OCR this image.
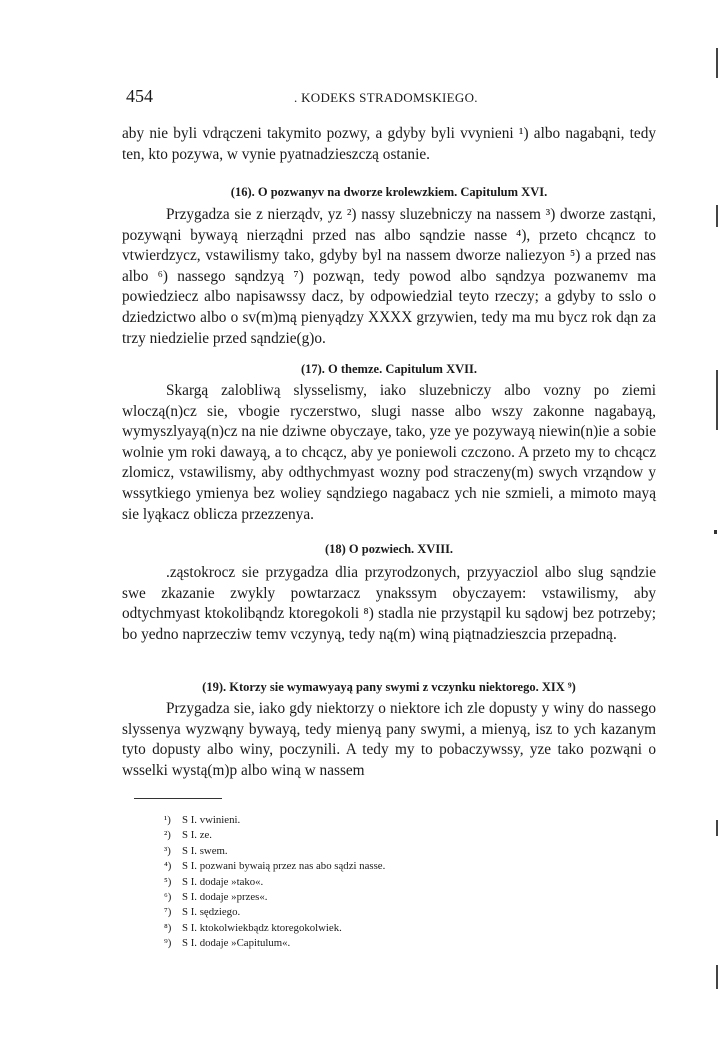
454	. KODEKS STRADOMSKIEGO.

aby nie byli vdrączeni takymito pozwy, a gdyby byli vvynieni ¹) albo nagabąni, tedy ten, kto pozywa, w vynie pyatnadzieszczą ostanie.

(16). O pozwanyv na dworze krolewzkiem. Capitulum XVI.

Przygadza sie z nierządv, yz ²) nassy sluzebniczy na nassem ³) dworze zastąni, pozywąni bywayą nierządni przed nas albo sąndzie nasse ⁴), przeto chcąncz to vtwierdzycz, vstawilismy tako, gdyby byl na nassem dworze naliezyon ⁵) a przed nas albo ⁶) nassego sąndzyą ⁷) pozwąn, tedy powod albo sąndzya pozwanemv ma powiedziecz albo napisawssy dacz, by odpowiedzial teyto rzeczy; a gdyby to sslo o dziedzictwo albo o sv(m)mą pienyądzy XXXX grzywien, tedy ma mu bycz rok dąn za trzy niedzielie przed sąndzie(g)o.

(17). O themze. Capitulum XVII.

Skargą zalobliwą slysselismy, iako sluzebniczy albo vozny po ziemi wloczą(n)cz sie, vbogie ryczerstwo, slugi nasse albo wszy zakonne nagabayą, wymyszlyayą(n)cz na nie dziwne obyczaye, tako, yze ye pozywayą niewin(n)ie a sobie wolnie ym roki dawayą, a to chcącz, aby ye poniewoli czczono. A przeto my to chcącz zlomicz, vstawilismy, aby odthychmyast wozny pod straczeny(m) swych vrząndow y wssytkiego ymienya bez woliey sąndziego nagabacz ych nie szmieli, a mimoto mayą sie lyąkacz oblicza przezzenya.

(18) O pozwiech. XVIII.

.ząstokrocz sie przygadza dlia przyrodzonych, przyyacziol albo slug sąndzie swe zkazanie zwykly powtarzacz ynakssym obyczayem: vstawilismy, aby odtychmyast ktokolibąndz ktoregokoli ⁸) stadla nie przystąpil ku sądowj bez potrzeby; bo yedno naprzecziw temv vczynyą, tedy ną(m) winą piątnadzieszcia przepadną.

(19). Ktorzy sie wymawyayą pany swymi z vczynku niektorego. XIX ⁹)

Przygadza sie, iako gdy niektorzy o niektore ich zle dopusty y winy do nassego slyssenya wyzwąny bywayą, tedy mienyą pany swymi, a mienyą, isz to ych kazanym tyto dopusty albo winy, poczynili. A tedy my to pobaczywssy, yze tako pozwąni o wsselki wystą(m)p albo winą w nassem

¹) S I. vwinieni.
²) S I. ze.
³) S I. swem.
⁴) S I. pozwani bywaią przez nas abo sądzi nasse.
⁵) S I. dodaje »tako«.
⁶) S I. dodaje »przes«.
⁷) S I. sędziego.
⁸) S I. ktokolwiekbądz ktoregokolwiek.
⁹) S I. dodaje »Capitulum«.
